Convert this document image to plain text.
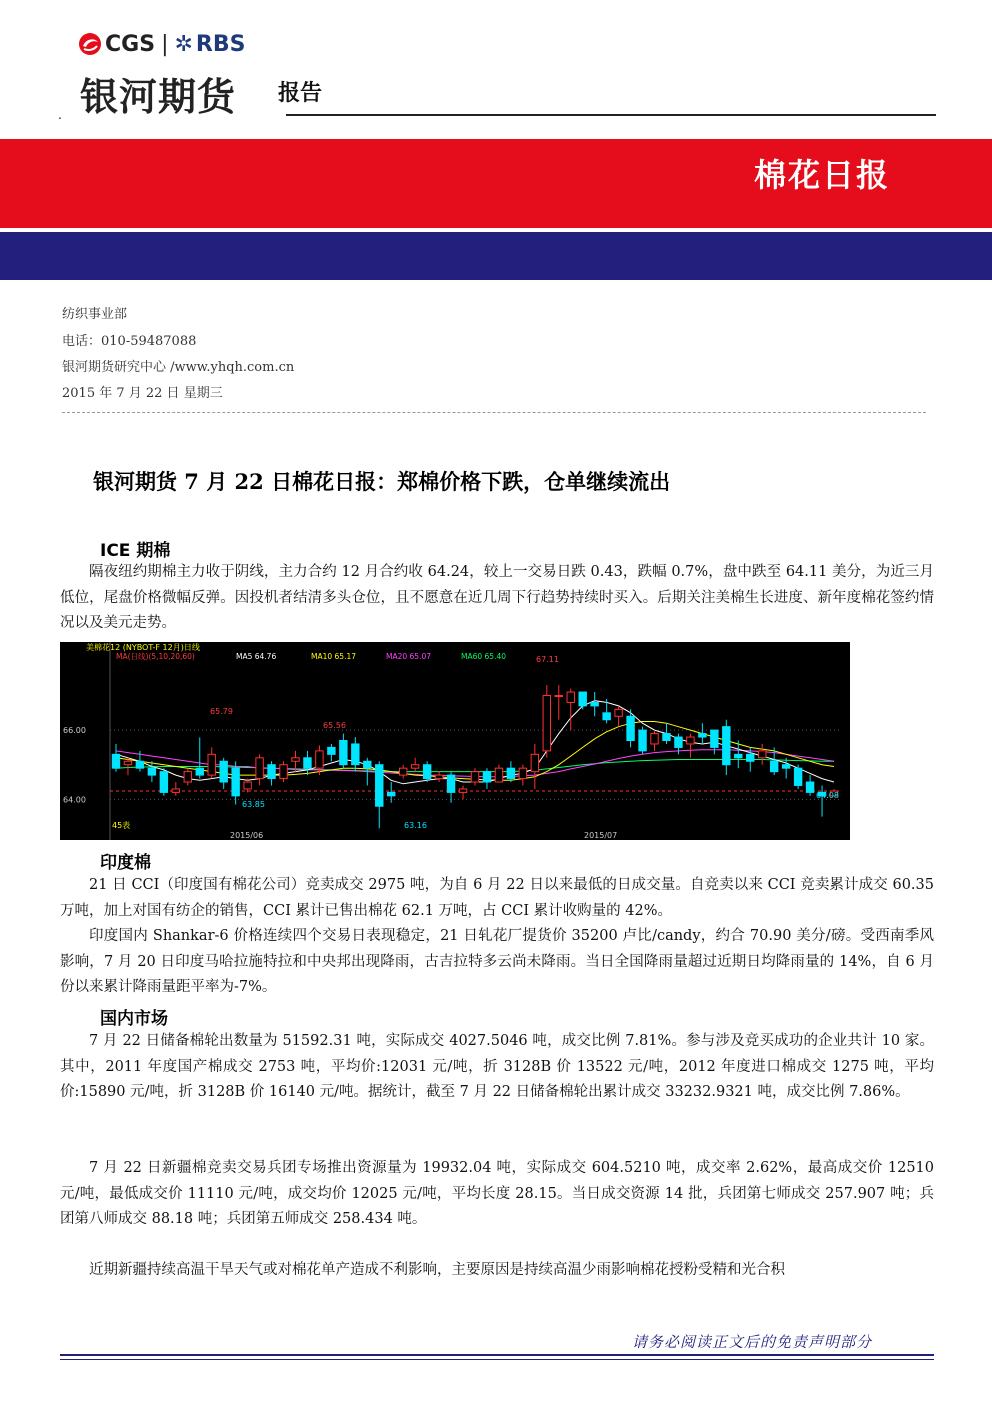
CGS | ✲ RBS
银河期货 报告
.
棉花日报
纺织事业部
电话：010-59487088
银河期货研究中心 /www.yhqh.com.cn
2015 年 7 月 22 日 星期三
银河期货 7 月 22 日棉花日报：郑棉价格下跌，仓单继续流出
ICE 期棉

隔夜纽约期棉主力收于阴线，主力合约 12 月合约收 64.24，较上一交易日跌 0.43，跌幅 0.7%，盘中跌至 64.11 美分，为近三月低位，尾盘价格微幅反弹。因投机者结清多头仓位，且不愿意在近几周下行趋势持续时买入。后期关注美棉生长进度、新年度棉花签约情况以及美元走势。

美棉花12 (NYBOT-F 12月)日线
66.00
64.00
2015/06	2015/07
65.79
65.56
63.85
63.16
67.11
64.08
45表
MA(日线)(5,10,20,60)	MA5 64.76	MA10 65.17	MA20 65.07	MA60 65.40
印度棉

21 日 CCI（印度国有棉花公司）竞卖成交 2975 吨，为自 6 月 22 日以来最低的日成交量。自竞卖以来 CCI 竞卖累计成交 60.35 万吨，加上对国有纺企的销售，CCI 累计已售出棉花 62.1 万吨，占 CCI 累计收购量的 42%。

印度国内 Shankar-6 价格连续四个交易日表现稳定，21 日轧花厂提货价 35200 卢比/candy，约合 70.90 美分/磅。受西南季风影响，7 月 20 日印度马哈拉施特拉和中央邦出现降雨，古吉拉特多云尚未降雨。当日全国降雨量超过近期日均降雨量的 14%，自 6 月份以来累计降雨量距平率为-7%。

国内市场

7 月 22 日储备棉轮出数量为 51592.31 吨，实际成交 4027.5046 吨，成交比例 7.81%。参与涉及竞买成功的企业共计 10 家。其中，2011 年度国产棉成交 2753 吨，平均价:12031 元/吨，折 3128B 价 13522 元/吨，2012 年度进口棉成交 1275 吨，平均价:15890 元/吨，折 3128B 价 16140 元/吨。据统计，截至 7 月 22 日储备棉轮出累计成交 33232.9321 吨，成交比例 7.86%。

7 月 22 日新疆棉竞卖交易兵团专场推出资源量为 19932.04 吨，实际成交 604.5210 吨，成交率 2.62%，最高成交价 12510 元/吨，最低成交价 11110 元/吨，成交均价 12025 元/吨，平均长度 28.15。当日成交资源 14 批，兵团第七师成交 257.907 吨；兵团第八师成交 88.18 吨；兵团第五师成交 258.434 吨。

近期新疆持续高温干旱天气或对棉花单产造成不利影响，主要原因是持续高温少雨影响棉花授粉受精和光合积

请务必阅读正文后的免责声明部分
